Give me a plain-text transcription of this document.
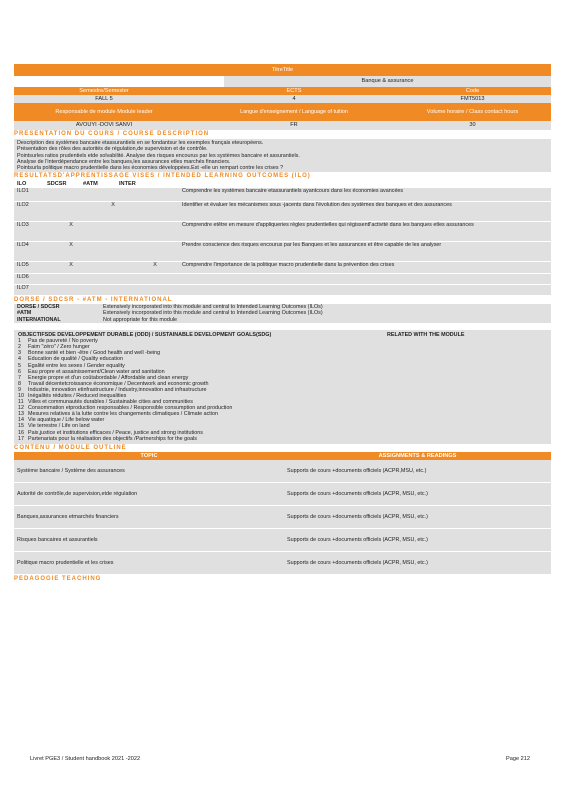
TitreTitle
Banque & assurance
Semestre/Semester	ECTS	Code
FALL 5	4	FMT5013
Responsable de module Module leader	Langue d'enseignement / Language of tuition	Volume horaire / Class contact hours
AVOUYI -DOVI SANVI	FR	30
PRESENTATION DU COURS / COURSE DESCRIPTION
Description des systèmes bancaire etassurantiels en se fondantsur les exemples français eteuropéens.
Présentation des rôles des autorités de régulation,de supervision et de contrôle.
Pointsurles ratios prudentiels etde solvabilité. Analyse des risques encourus par les systèmes bancaire et assurantiels.
Analyse de l'interdépendance entre les banques,les assurances etles marchés financiers.
Pointsurla politique macro prudentielle dans les économies développées.Est -elle un rempart contre les crises ?
RESULTATSD'APPRENTISSAGE VISES / INTENDED LEARNING OUTCOMES (ILO)
ILO	SDCSR	#ATM	INTER
ILO1				Comprendre les systèmes bancaire etassurantiels ayantcours dans les économies avancées
ILO2		X		Identifier et évaluer les mécanismes sous -jacents dans l'évolution des systèmes des banques et des assurances
ILO3	X			Comprendre etêtre en mesure d'appliqueries règles prudentielles qui régissentl'activité dans les banques etles assurances
ILO4	X			Prendre conscience des risques encourus par les Banques et les assurances et être capable de les analyser
ILO5	X		X	Comprendre l'importance de la politique macro prudentielle dans la prévention des crises
ILO6				
ILO7				
DORSE / SDCSR - #ATM - INTERNATIONAL
DORSE / SDCSR	Extensively incorporated into this module and central to Intended Learning Outcomes (ILOs)
#ATM	Extensively incorporated into this module and central to Intended Learning Outcomes (ILOs)
INTERNATIONAL	Not appropriate for this module
OBJECTIFSDE DEVELOPPEMENT DURABLE (ODD) / SUSTAINABLE DEVELOPMENT GOALS(SDG)	RELATED WITH THE MODULE
1	Pas de pauvreté / No poverty
2	Faim "zéro" / Zero hunger
3	Bonne santé et bien -être / Good health and well -being
4	Education de qualité / Quality education
5	Egalité entre les sexes / Gender equality
6	Eau propre et assainissement/Clean water and sanitation
7	Energie propre et d'un coûtabordable / Affordable and clean energy
8	Travail décentetcroissance économique / Decentwork and economic growth
9	Industrie, innovation etinfrastructure / Industry,innovation and infrastructure
10 Inégalités réduites / Reduced inequalities
11 Villes et communautés durables / Sustainable cities and communities
12 Consommation etproduction responsables / Responsible consumption and production
13 Mesures relatives à la lutte contre les changements climatiques / Climate action
14 Vie aquatique / Life below water
15 Vie terrestre / Life on land
16 Paix,justice et institutions efficaces / Peace, justice and strong institutions
17 Partenariats pour la réalisation des objectifs /Partnerships for the goals
CONTENU / MODULE OUTLINE
TOPIC	ASSIGNMENTS & READINGS
Système bancaire / Système des assurances	Supports de cours +documents officiels (ACPR,MSU, etc.)
Autorité de contrôle,de supervision,etde régulation	Supports de cours +documents officiels (ACPR, MSU, etc.)
Banques,assurances etmarchés financiers	Supports de cours +documents officiels (ACPR, MSU, etc.)
Risques bancaires et assurantiels	Supports de cours +documents officiels (ACPR, MSU, etc.)
Politique macro prudentielle et les crises	Supports de cours +documents officiels (ACPR, MSU, etc.)
PEDAGOGIE TEACHING
Livret PGE3 / Student handbook 2021 -2022	Page 212
